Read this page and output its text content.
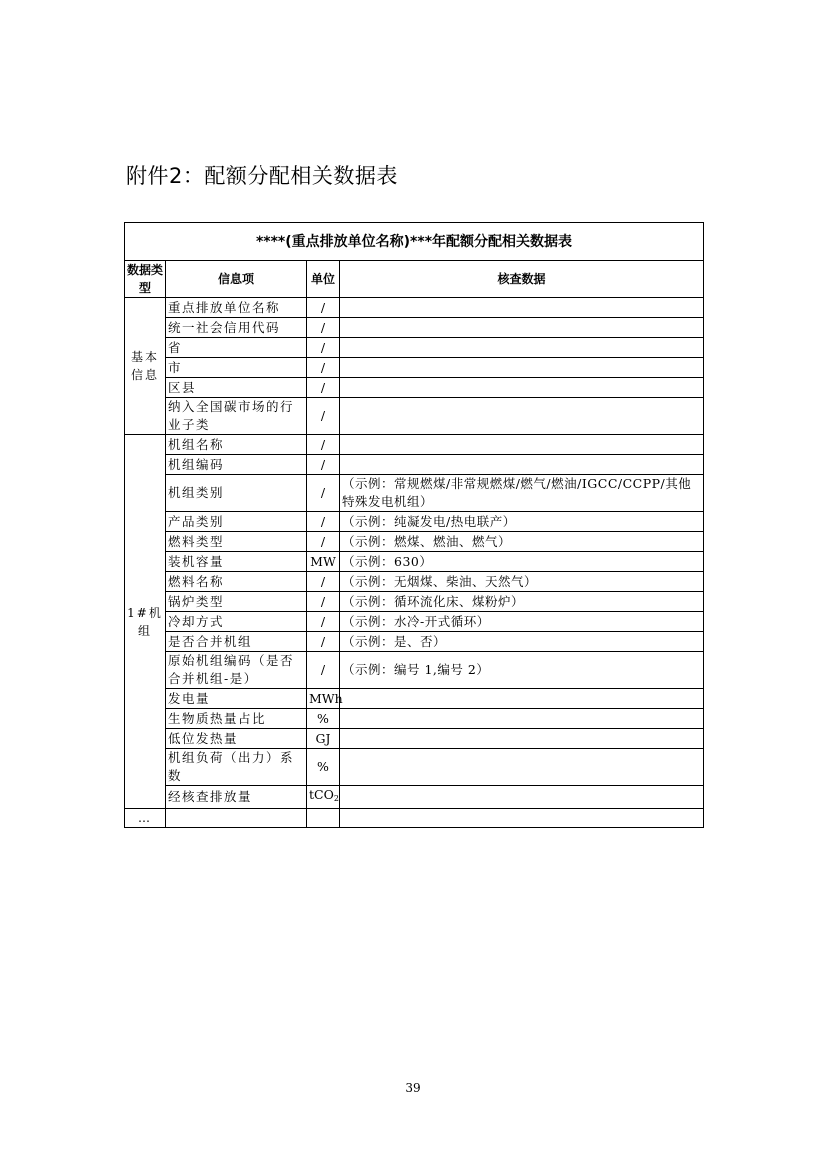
附件2：配额分配相关数据表
****(重点排放单位名称)***年配额分配相关数据表			
数据类型	信息项	单位	核查数据
基本信息	重点排放单位名称	/	
	统一社会信用代码	/	
	省	/	
	市	/	
	区县	/	
	纳入全国碳市场的行业子类	/	
1#机组	机组名称	/	
	机组编码	/	
	机组类别	/	（示例：常规燃煤/非常规燃煤/燃气/燃油/IGCC/CCPP/其他特殊发电机组）
	产品类别	/	（示例：纯凝发电/热电联产）
	燃料类型	/	（示例：燃煤、燃油、燃气）
	装机容量	MW	（示例：630）
	燃料名称	/	（示例：无烟煤、柴油、天然气）
	锅炉类型	/	（示例：循环流化床、煤粉炉）
	冷却方式	/	（示例：水冷-开式循环）
	是否合并机组	/	（示例：是、否）
	原始机组编码（是否合并机组-是）	/	（示例：编号 1,编号 2）
	发电量	MWh	
	生物质热量占比	%	
	低位发热量	GJ	
	机组负荷（出力）系数	%	
	经核查排放量	tCO$_2$	
…			
39
